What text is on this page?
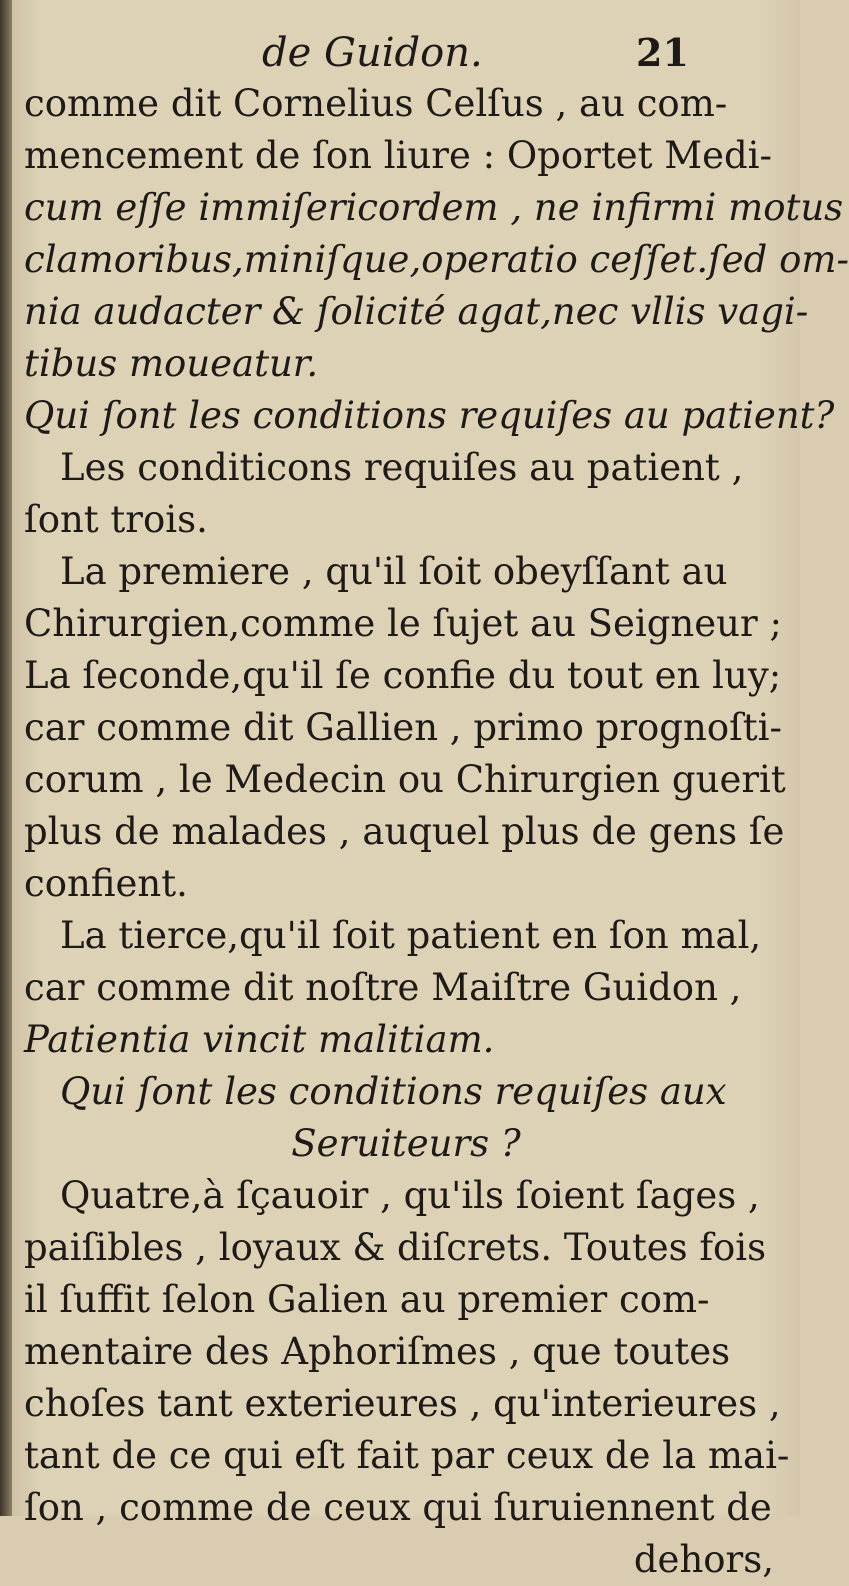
de Guidon.	21
comme dit Cornelius Celſus , au com-
mencement de ſon liure : Oportet Medi-
cum eſſe immiſericordem , ne infirmi motus
clamoribus,miniſque,operatio ceſſet.ſed om-
nia audacter & ſolicité agat,nec vllis vagi-
tibus moueatur.
Qui ſont les conditions requiſes au patient?
Les conditicons requiſes au patient ,
ſont trois.
La premiere , qu'il ſoit obeyſſant au
Chirurgien,comme le ſujet au Seigneur ;
La ſeconde,qu'il ſe confie du tout en luy;
car comme dit Gallien , primo prognoſti-
corum , le Medecin ou Chirurgien guerit
plus de malades , auquel plus de gens ſe
confient.
La tierce,qu'il ſoit patient en ſon mal,
car comme dit noſtre Maiſtre Guidon ,
Patientia vincit malitiam.
Qui ſont les conditions requiſes aux
Seruiteurs ?
Quatre,à ſçauoir , qu'ils ſoient ſages ,
paiſibles , loyaux & diſcrets. Toutes fois
il ſuffit ſelon Galien au premier com-
mentaire des Aphoriſmes , que toutes
choſes tant exterieures , qu'interieures ,
tant de ce qui eſt fait par ceux de la mai-
ſon , comme de ceux qui ſuruiennent de
dehors,
